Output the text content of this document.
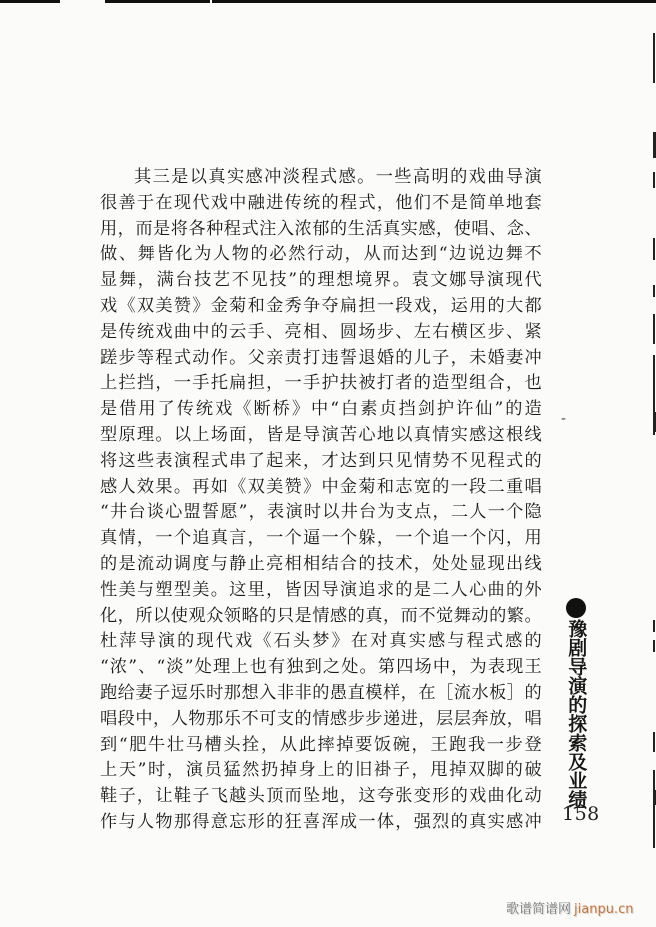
其三是以真实感冲淡程式感。一些高明的戏曲导演
很善于在现代戏中融进传统的程式，他们不是简单地套
用，而是将各种程式注入浓郁的生活真实感，使唱、念、
做、舞皆化为人物的必然行动，从而达到“边说边舞不
显舞，满台技艺不见技”的理想境界。袁文娜导演现代
戏《双美赞》金菊和金秀争夺扁担一段戏，运用的大都
是传统戏曲中的云手、亮相、圆场步、左右横区步、紧
蹉步等程式动作。父亲责打违誓退婚的儿子，未婚妻冲
上拦挡，一手托扁担，一手护扶被打者的造型组合，也
是借用了传统戏《断桥》中“白素贞挡剑护许仙”的造
型原理。以上场面，皆是导演苦心地以真情实感这根线
将这些表演程式串了起来，才达到只见情势不见程式的
感人效果。再如《双美赞》中金菊和志宽的一段二重唱
“井台谈心盟誓愿”，表演时以井台为支点，二人一个隐
真情，一个追真言，一个逼一个躲，一个追一个闪，用
的是流动调度与静止亮相相结合的技术，处处显现出线
性美与塑型美。这里，皆因导演追求的是二人心曲的外
化，所以使观众领略的只是情感的真，而不觉舞动的繁。
杜萍导演的现代戏《石头梦》在对真实感与程式感的
“浓”、“淡”处理上也有独到之处。第四场中，为表现王
跑给妻子逗乐时那想入非非的愚直模样，在［流水板］的
唱段中，人物那乐不可支的情感步步递进，层层奔放，唱
到“肥牛壮马槽头拴，从此摔掉要饭碗，王跑我一步登
上天”时，演员猛然扔掉身上的旧褂子，甩掉双脚的破
鞋子，让鞋子飞越头顶而坠地，这夸张变形的戏曲化动
作与人物那得意忘形的狂喜浑成一体，强烈的真实感冲
-
豫剧导演的探索及业绩
158
歌谱简谱网 jianpu.cn
